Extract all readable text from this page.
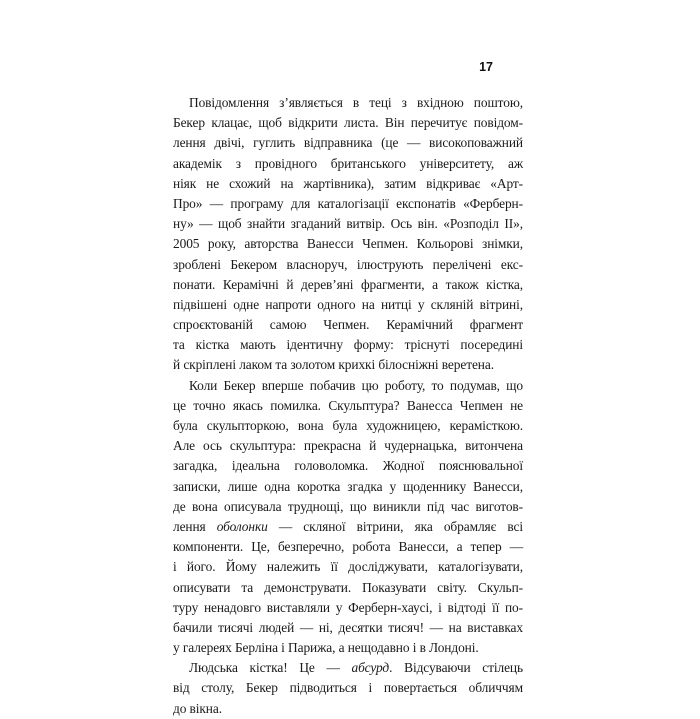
17
Повідомлення з’являється в теці з вхідною поштою,
Бекер клацає, щоб відкрити листа. Він перечитує повідом-
лення двічі, гуглить відправника (це — високоповажний
академік з провідного британського університету, аж
ніяк не схожий на жартівника), затим відкриває «Арт-
Про» — програму для каталогізації експонатів «Ферберн-
ну» — щоб знайти згаданий витвір. Ось він. «Розподіл II»,
2005 року, авторства Ванесси Чепмен. Кольорові знімки,
зроблені Бекером власноруч, ілюструють перелічені екс-
понати. Керамічні й дерев’яні фрагменти, а також кістка,
підвішені одне напроти одного на нитці у скляній вітрині,
спроєктованій самою Чепмен. Керамічний фрагмент
та кістка мають ідентичну форму: тріснуті посередині
й скріплені лаком та золотом крихкі білосніжні веретена.
Коли Бекер вперше побачив цю роботу, то подумав, що
це точно якась помилка. Скульптура? Ванесса Чепмен не
була скульпторкою, вона була художницею, керамісткою.
Але ось скульптура: прекрасна й чудернацька, витончена
загадка, ідеальна головоломка. Жодної пояснювальної
записки, лише одна коротка згадка у щоденнику Ванесси,
де вона описувала труднощі, що виникли під час виготов-
лення оболонки — скляної вітрини, яка обрамляє всі
компоненти. Це, безперечно, робота Ванесси, а тепер —
і його. Йому належить її досліджувати, каталогізувати,
описувати та демонструвати. Показувати світу. Скульп-
туру ненадовго виставляли у Ферберн-хаусі, і відтоді її по-
бачили тисячі людей — ні, десятки тисяч! — на виставках
у галереях Берліна і Парижа, а нещодавно і в Лондоні.
Людська кістка! Це — абсурд. Відсуваючи стілець
від столу, Бекер підводиться і повертається обличчям
до вікна.
